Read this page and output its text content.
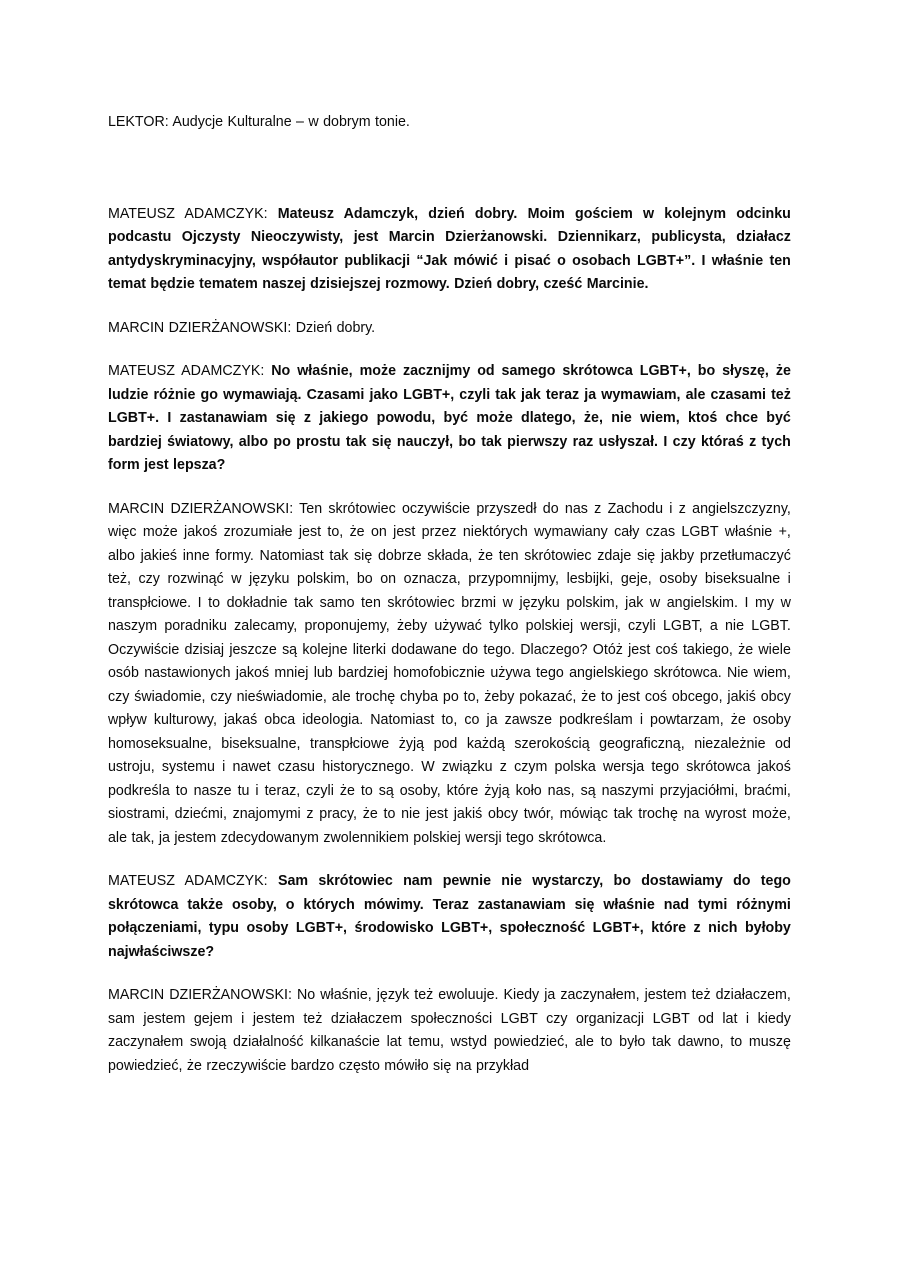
LEKTOR: Audycje Kulturalne – w dobrym tonie.
MATEUSZ ADAMCZYK: Mateusz Adamczyk, dzień dobry. Moim gościem w kolejnym odcinku podcastu Ojczysty Nieoczywisty, jest Marcin Dzierżanowski. Dziennikarz, publicysta, działacz antydyskryminacyjny, współautor publikacji “Jak mówić i pisać o osobach LGBT+”. I właśnie ten temat będzie tematem naszej dzisiejszej rozmowy. Dzień dobry, cześć Marcinie.
MARCIN DZIERŻANOWSKI: Dzień dobry.
MATEUSZ ADAMCZYK: No właśnie, może zacznijmy od samego skrótowca LGBT+, bo słyszę, że ludzie różnie go wymawiają. Czasami jako LGBT+, czyli tak jak teraz ja wymawiam, ale czasami też LGBT+. I zastanawiam się z jakiego powodu, być może dlatego, że, nie wiem, ktoś chce być bardziej światowy, albo po prostu tak się nauczył, bo tak pierwszy raz usłyszał. I czy któraś z tych form jest lepsza?
MARCIN DZIERŻANOWSKI: Ten skrótowiec oczywiście przyszedł do nas z Zachodu i z angielszczyzny, więc może jakoś zrozumiałe jest to, że on jest przez niektórych wymawiany cały czas LGBT właśnie +, albo jakieś inne formy. Natomiast tak się dobrze składa, że ten skrótowiec zdaje się jakby przetłumaczyć też, czy rozwinąć w języku polskim, bo on oznacza, przypomnijmy, lesbijki, geje, osoby biseksualne i transpłciowe. I to dokładnie tak samo ten skrótowiec brzmi w języku polskim, jak w angielskim. I my w naszym poradniku zalecamy, proponujemy, żeby używać tylko polskiej wersji, czyli LGBT, a nie LGBT. Oczywiście dzisiaj jeszcze są kolejne literki dodawane do tego. Dlaczego? Otóż jest coś takiego, że wiele osób nastawionych jakoś mniej lub bardziej homofobicznie używa tego angielskiego skrótowca. Nie wiem, czy świadomie, czy nieświadomie, ale trochę chyba po to, żeby pokazać, że to jest coś obcego, jakiś obcy wpływ kulturowy, jakaś obca ideologia. Natomiast to, co ja zawsze podkreślam i powtarzam, że osoby homoseksualne, biseksualne, transpłciowe żyją pod każdą szerokością geograficzną, niezależnie od ustroju, systemu i nawet czasu historycznego. W związku z czym polska wersja tego skrótowca jakoś podkreśla to nasze tu i teraz, czyli że to są osoby, które żyją koło nas, są naszymi przyjaciółmi, braćmi, siostrami, dziećmi, znajomymi z pracy, że to nie jest jakiś obcy twór, mówiąc tak trochę na wyrost może, ale tak, ja jestem zdecydowanym zwolennikiem polskiej wersji tego skrótowca.
MATEUSZ ADAMCZYK: Sam skrótowiec nam pewnie nie wystarczy, bo dostawiamy do tego skrótowca także osoby, o których mówimy. Teraz zastanawiam się właśnie nad tymi różnymi połączeniami, typu osoby LGBT+, środowisko LGBT+, społeczność LGBT+, które z nich byłoby najwłaściwsze?
MARCIN DZIERŻANOWSKI: No właśnie, język też ewoluuje. Kiedy ja zaczynałem, jestem też działaczem, sam jestem gejem i jestem też działaczem społeczności LGBT czy organizacji LGBT od lat i kiedy zaczynałem swoją działalność kilkanaście lat temu, wstyd powiedzieć, ale to było tak dawno, to muszę powiedzieć, że rzeczywiście bardzo często mówiło się na przykład
